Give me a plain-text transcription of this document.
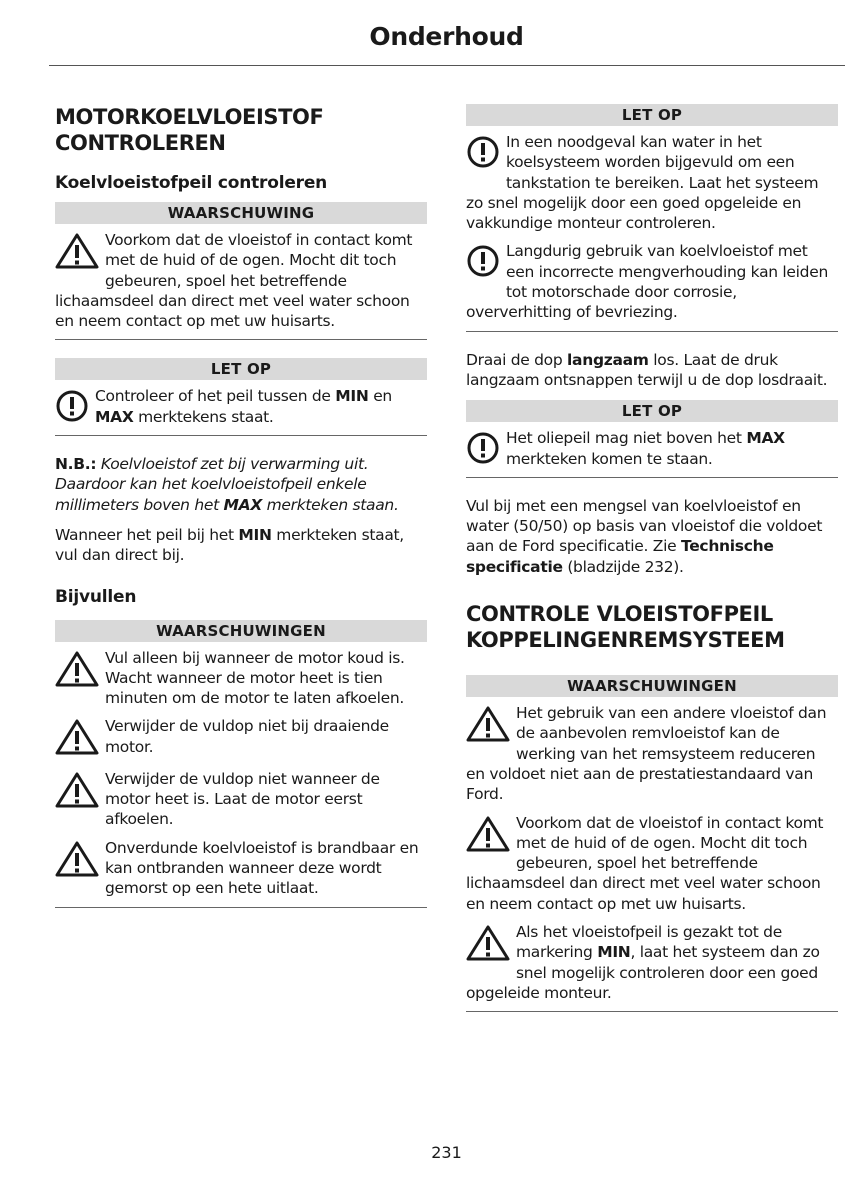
Onderhoud
MOTORKOELVLOEISTOF CONTROLEREN
Koelvloeistofpeil controleren
WAARSCHUWING
Voorkom dat de vloeistof in contact komt met de huid of de ogen. Mocht dit toch gebeuren, spoel het betreffende lichaamsdeel dan direct met veel water schoon en neem contact op met uw huisarts.
LET OP
Controleer of het peil tussen de MIN en MAX merktekens staat.

N.B.: Koelvloeistof zet bij verwarming uit. Daardoor kan het koelvloeistofpeil enkele millimeters boven het MAX merkteken staan.

Wanneer het peil bij het MIN merkteken staat, vul dan direct bij.

Bijvullen
WAARSCHUWINGEN
Vul alleen bij wanneer de motor koud is. Wacht wanneer de motor heet is tien minuten om de motor te laten afkoelen.
Verwijder de vuldop niet bij draaiende motor.
Verwijder de vuldop niet wanneer de motor heet is. Laat de motor eerst afkoelen.
Onverdunde koelvloeistof is brandbaar en kan ontbranden wanneer deze wordt gemorst op een hete uitlaat.
LET OP
In een noodgeval kan water in het koelsysteem worden bijgevuld om een tankstation te bereiken. Laat het systeem zo snel mogelijk door een goed opgeleide en vakkundige monteur controleren.
Langdurig gebruik van koelvloeistof met een incorrecte mengverhouding kan leiden tot motorschade door corrosie, oververhitting of bevriezing.

Draai de dop langzaam los. Laat de druk langzaam ontsnappen terwijl u de dop losdraait.

LET OP
Het oliepeil mag niet boven het MAX merkteken komen te staan.

Vul bij met een mengsel van koelvloeistof en water (50/50) op basis van vloeistof die voldoet aan de Ford specificatie. Zie Technische specificatie (bladzijde 232).

CONTROLE VLOEISTOFPEIL KOPPELINGENREMSYSTEEM
WAARSCHUWINGEN
Het gebruik van een andere vloeistof dan de aanbevolen remvloeistof kan de werking van het remsysteem reduceren en voldoet niet aan de prestatiestandaard van Ford.
Voorkom dat de vloeistof in contact komt met de huid of de ogen. Mocht dit toch gebeuren, spoel het betreffende lichaamsdeel dan direct met veel water schoon en neem contact op met uw huisarts.
Als het vloeistofpeil is gezakt tot de markering MIN, laat het systeem dan zo snel mogelijk controleren door een goed opgeleide monteur.
231
